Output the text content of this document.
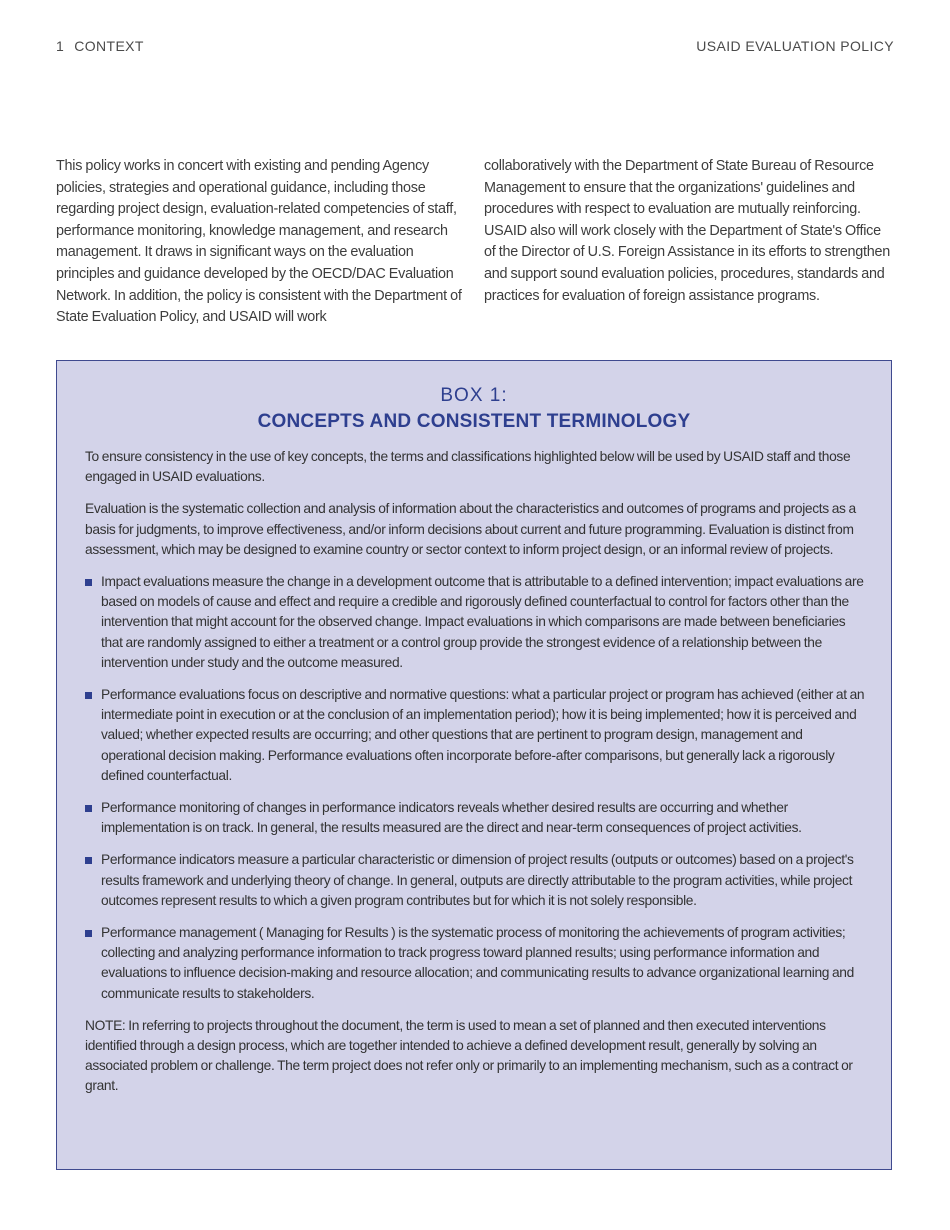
1 CONTEXT	USAID EVALUATION POLICY
This policy works in concert with existing and pending Agency policies, strategies and operational guidance, including those regarding project design, evaluation-related competencies of staff, performance monitoring, knowledge management, and research management. It draws in significant ways on the evaluation principles and guidance developed by the OECD/DAC Evaluation Network. In addition, the policy is consistent with the Department of State Evaluation Policy, and USAID will work
collaboratively with the Department of State Bureau of Resource Management to ensure that the organizations' guidelines and procedures with respect to evaluation are mutually reinforcing. USAID also will work closely with the Department of State's Office of the Director of U.S. Foreign Assistance in its efforts to strengthen and support sound evaluation policies, procedures, standards and practices for evaluation of foreign assistance programs.
BOX 1:
CONCEPTS AND CONSISTENT TERMINOLOGY

To ensure consistency in the use of key concepts, the terms and classifications highlighted below will be used by USAID staff and those engaged in USAID evaluations.

Evaluation is the systematic collection and analysis of information about the characteristics and outcomes of programs and projects as a basis for judgments, to improve effectiveness, and/or inform decisions about current and future programming. Evaluation is distinct from assessment, which may be designed to examine country or sector context to inform project design, or an informal review of projects.

Impact evaluations measure the change in a development outcome that is attributable to a defined intervention; impact evaluations are based on models of cause and effect and require a credible and rigorously defined counterfactual to control for factors other than the intervention that might account for the observed change. Impact evaluations in which comparisons are made between beneficiaries that are randomly assigned to either a treatment or a control group provide the strongest evidence of a relationship between the intervention under study and the outcome measured.
Performance evaluations focus on descriptive and normative questions: what a particular project or program has achieved (either at an intermediate point in execution or at the conclusion of an implementation period); how it is being implemented; how it is perceived and valued; whether expected results are occurring; and other questions that are pertinent to program design, management and operational decision making. Performance evaluations often incorporate before-after comparisons, but generally lack a rigorously defined counterfactual.
Performance monitoring of changes in performance indicators reveals whether desired results are occurring and whether implementation is on track. In general, the results measured are the direct and near-term consequences of project activities.
Performance indicators measure a particular characteristic or dimension of project results (outputs or outcomes) based on a project's results framework and underlying theory of change. In general, outputs are directly attributable to the program activities, while project outcomes represent results to which a given program contributes but for which it is not solely responsible.
Performance management ( Managing for Results ) is the systematic process of monitoring the achievements of program activities; collecting and analyzing performance information to track progress toward planned results; using performance information and evaluations to influence decision-making and resource allocation; and communicating results to advance organizational learning and communicate results to stakeholders.

NOTE: In referring to projects throughout the document, the term is used to mean a set of planned and then executed interventions identified through a design process, which are together intended to achieve a defined development result, generally by solving an associated problem or challenge. The term project does not refer only or primarily to an implementing mechanism, such as a contract or grant.
